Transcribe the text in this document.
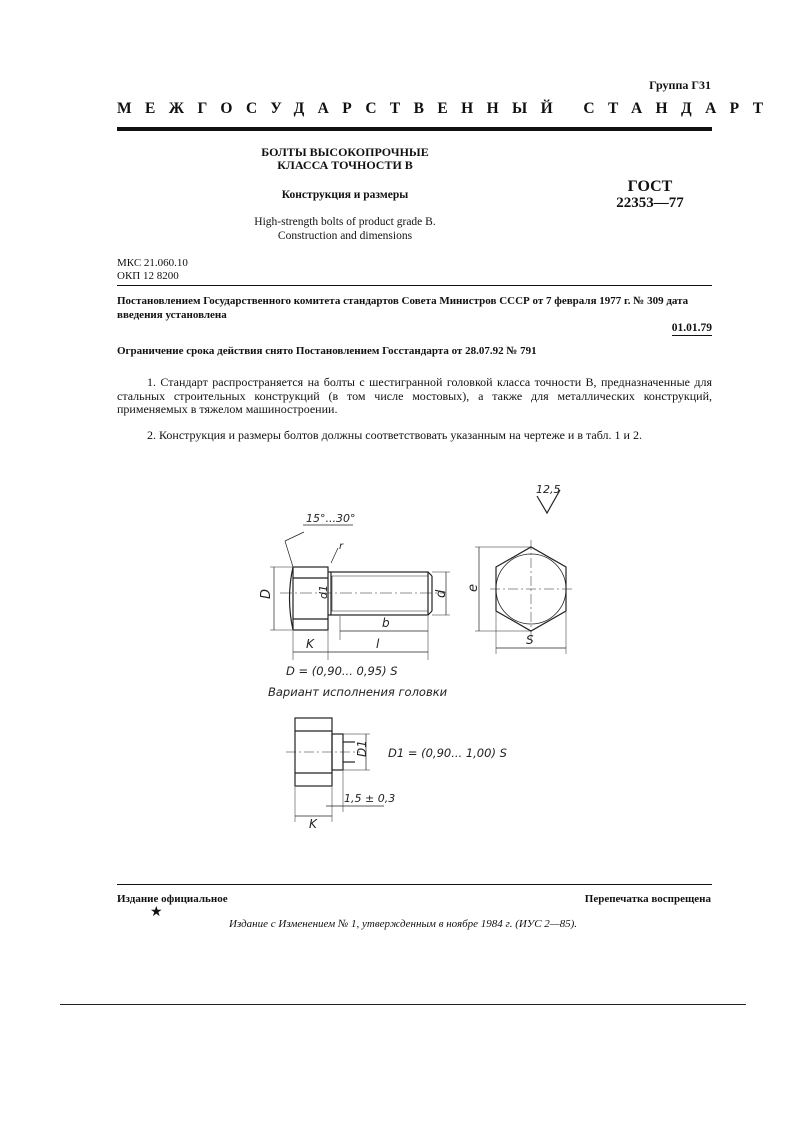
Группа Г31
МЕЖГОСУДАРСТВЕННЫЙ СТАНДАРТ
БОЛТЫ ВЫСОКОПРОЧНЫЕ
КЛАССА ТОЧНОСТИ В
Конструкция и размеры
High-strength bolts of product grade B.
Construction and dimensions
ГОСТ
22353—77
МКС 21.060.10
ОКП 12 8200
Постановлением Государственного комитета стандартов Совета Министров СССР от 7 февраля 1977 г. № 309 дата введения установлена
01.01.79
Ограничение срока действия снято Постановлением Госстандарта от 28.07.92 № 791
1. Стандарт распространяется на болты с шестигранной головкой класса точности В, предназначенные для стальных строительных конструкций (в том числе мостовых), а также для металлических конструкций, применяемых в тяжелом машиностроении.
2. Конструкция и размеры болтов должны соответствовать указанным на чертеже и в табл. 1 и 2.
12,5
15°...30°
r
D	d1	d
e
b
l
K	S
D = (0,90... 0,95) S
Вариант исполнения головки
D1 D1 = (0,90... 1,00) S
1,5 ± 0,3
K
Издание официальное	Перепечатка воспрещена
★
Издание с Изменением № 1, утвержденным в ноябре 1984 г. (ИУС 2—85).
